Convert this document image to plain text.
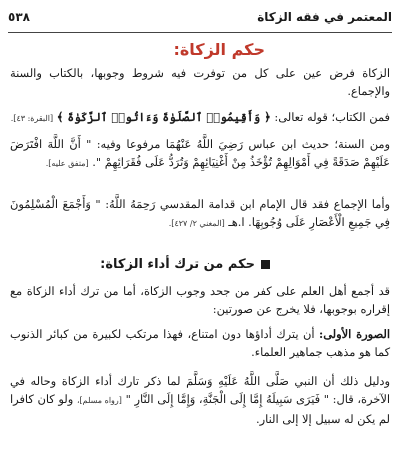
المعتمر في فقه الزكاة
٥٣٨
حكم الزكاة:
الزكاة فرض عين على كل من توفرت فيه شروط وجوبها، بالكتاب والسنة والإجماع.
فمن الكتاب؛ قوله تعالى: ﴿ وَأَقِيمُوا۟ ٱلصَّلَوٰةَ وَءَاتُوا۟ ٱلزَّكَوٰةَ ﴾ [البقرة: ٤٣].
ومن السنة؛ حديث ابن عباس رَضِيَ اللَّهُ عَنْهُمَا مرفوعا وفيه: " أَنَّ اللَّهَ افْتَرَضَ عَلَيْهِمْ صَدَقَةً فِي أَمْوَالِهِمْ تُؤْخَذُ مِنْ أَغْنِيَائِهِمْ وَتُرَدُّ عَلَى فُقَرَائِهِمْ ". [متفق عليه].
وأما الإجماع فقد قال الإمام ابن قدامة المقدسي رَحِمَهُ اللَّهُ: " وَأَجْمَعَ الْمُسْلِمُونَ فِي جَمِيعِ الْأَعْصَارِ عَلَى وُجُوبِهَا. ا.هـ [المغني ٢/ ٤٢٧].
حكم من ترك أداء الزكاة:
قد أجمع أهل العلم على كفر من جحد وجوب الزكاة، أما من ترك أداء الزكاة مع إقراره بوجوبها، فلا يخرج عن صورتين:
الصورة الأولى: أن يترك أداؤها دون امتناع، فهذا مرتكب لكبيرة من كبائر الذنوب كما هو مذهب جماهير العلماء.
ودليل ذلك أن النبي صَلَّى اللَّهُ عَلَيْهِ وَسَلَّمَ لما ذكر تارك أداء الزكاة وحاله في الآخرة، قال: " فَيَرَى سَبِيلَهُ إِمَّا إِلَى الْجَنَّةِ، وَإِمَّا إِلَى النَّارِ " [رواه مسلم]، ولو كان كافرا لم يكن له سبيل إلا إلى النار.
